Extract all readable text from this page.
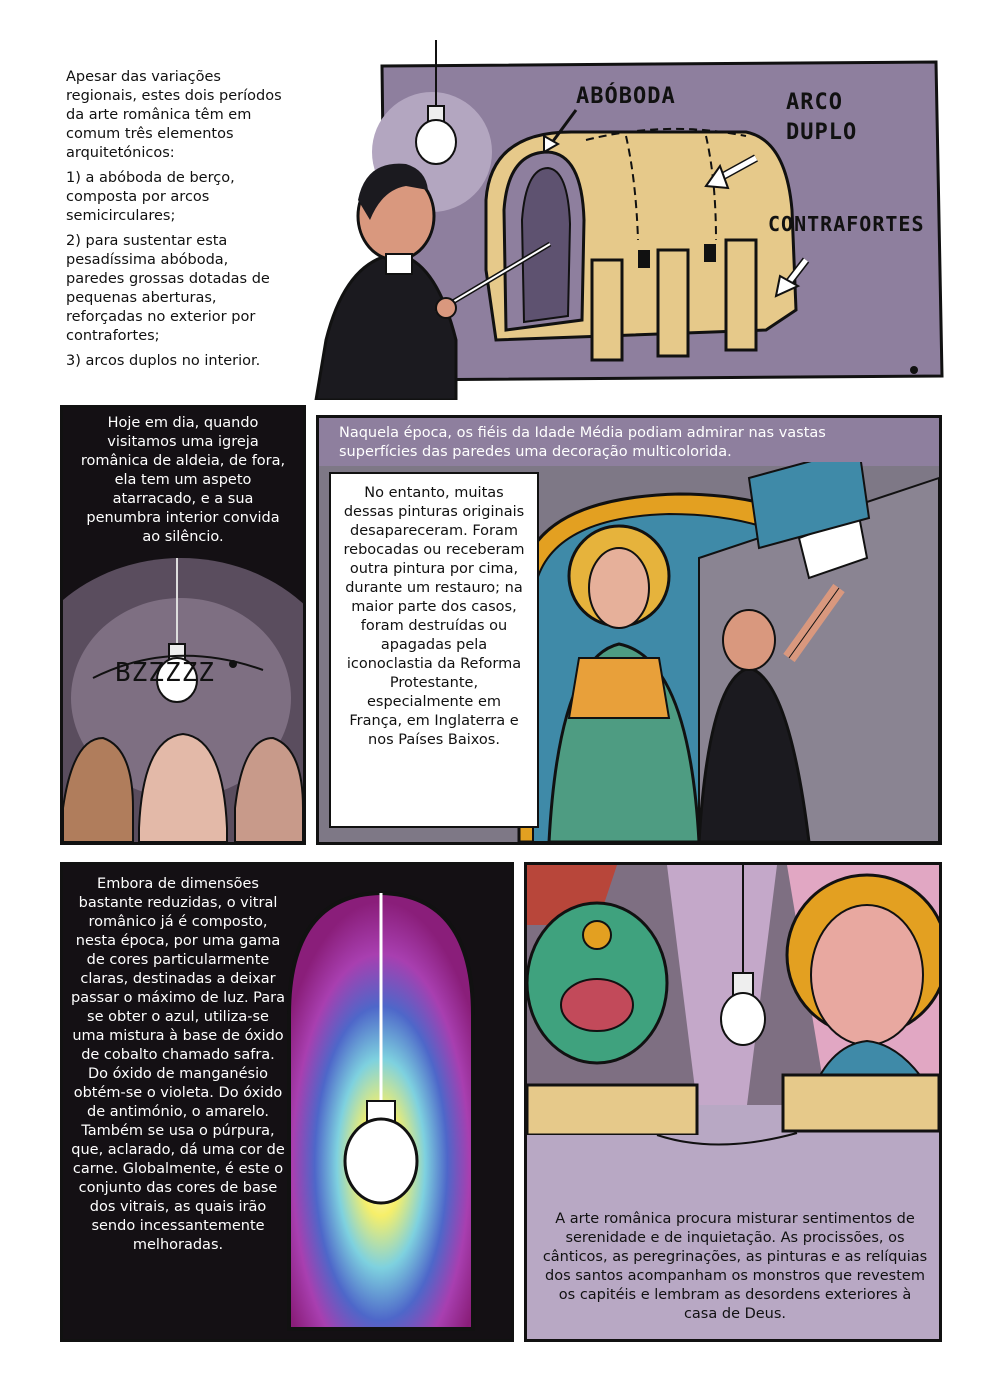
Apesar das variações regionais, estes dois períodos da arte românica têm em comum três elementos arquitetónicos:

1) a abóboda de berço, composta por arcos semicirculares;

2) para sustentar esta pesadíssima abóboda, paredes grossas dotadas de pequenas aberturas, reforçadas no exterior por contrafortes;

3) arcos duplos no interior.

ABÓBODA	ARCO
DUPLO
CONTRAFORTES
Hoje em dia, quando visitamos uma igreja românica de aldeia, de fora, ela tem um aspeto atarracado, e a sua penumbra interior convida ao silêncio.
BZZZZZ
Naquela época, os fiéis da Idade Média podiam admirar nas vastas superfícies das paredes uma decoração multicolorida.
No entanto, muitas dessas pinturas originais desapareceram. Foram rebocadas ou receberam outra pintura por cima, durante um restauro; na maior parte dos casos, foram destruídas ou apagadas pela iconoclastia da Reforma Protestante, especialmente em França, em Inglaterra e nos Países Baixos.
Embora de dimensões bastante reduzidas, o vitral românico já é composto, nesta época, por uma gama de cores particularmente claras, destinadas a deixar passar o máximo de luz. Para se obter o azul, utiliza-se uma mistura à base de óxido de cobalto chamado safra. Do óxido de manganésio obtém-se o violeta. Do óxido de antimónio, o amarelo. Também se usa o púrpura, que, aclarado, dá uma cor de carne. Globalmente, é este o conjunto das cores de base dos vitrais, as quais irão sendo incessantemente melhoradas.
A arte românica procura misturar sentimentos de serenidade e de inquietação. As procissões, os cânticos, as peregrinações, as pinturas e as relíquias dos santos acompanham os monstros que revestem os capitéis e lembram as desordens exteriores à casa de Deus.
